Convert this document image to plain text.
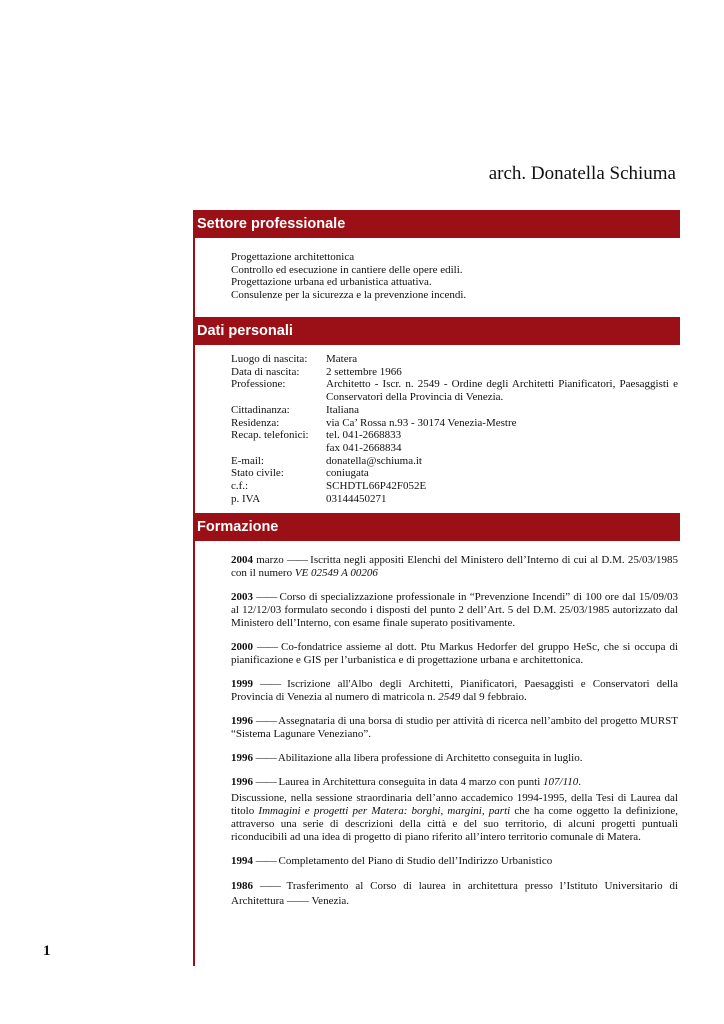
arch. Donatella Schiuma
Settore professionale
Progettazione architettonica
Controllo ed esecuzione in cantiere delle opere edili.
Progettazione urbana ed urbanistica attuativa.
Consulenze per la sicurezza e la prevenzione incendi.
Dati personali
Luogo di nascita:	Matera
Data di nascita:	2 settembre 1966
Professione:	Architetto - Iscr. n. 2549 - Ordine degli Architetti Pianificatori, Paesaggisti e Conservatori della Provincia di Venezia.
Cittadinanza:	Italiana
Residenza:	via Ca’ Rossa n.93 - 30174 Venezia-Mestre
Recap. telefonici:	tel. 041-2668833
fax 041-2668834
E-mail:	donatella@schiuma.it
Stato civile:	coniugata
c.f.:	SCHDTL66P42F052E
p. IVA	03144450271
Formazione
2004 marzo —— Iscritta negli appositi Elenchi del Ministero dell’Interno di cui al D.M. 25/03/1985 con il numero VE 02549 A 00206
2003 —— Corso di specializzazione professionale in “Prevenzione Incendi” di 100 ore dal 15/09/03 al 12/12/03 formulato secondo i disposti del punto 2 dell’Art. 5 del D.M. 25/03/1985 autorizzato dal Ministero dell’Interno, con esame finale superato positivamente.
2000 —— Co-fondatrice assieme al dott. Ptu Markus Hedorfer del gruppo HeSc, che si occupa di pianificazione e GIS per l’urbanistica e di progettazione urbana e architettonica.
1999 —— Iscrizione all'Albo degli Architetti, Pianificatori, Paesaggisti e Conservatori della Provincia di Venezia al numero di matricola n. 2549 dal 9 febbraio.
1996 —— Assegnataria di una borsa di studio per attività di ricerca nell’ambito del progetto MURST “Sistema Lagunare Veneziano”.
1996 —— Abilitazione alla libera professione di Architetto conseguita in luglio.
1996 —— Laurea in Architettura conseguita in data 4 marzo con punti 107/110.
Discussione, nella sessione straordinaria dell’anno accademico 1994-1995, della Tesi di Laurea dal titolo Immagini e progetti per Matera: borghi, margini, parti che ha come oggetto la definizione, attraverso una serie di descrizioni della città e del suo territorio, di alcuni progetti puntuali riconducibili ad una idea di progetto di piano riferito all’intero territorio comunale di Matera.
1994 —— Completamento del Piano di Studio dell’Indirizzo Urbanistico
1986 —— Trasferimento al Corso di laurea in architettura presso l’Istituto Universitario di Architettura —— Venezia.
1
